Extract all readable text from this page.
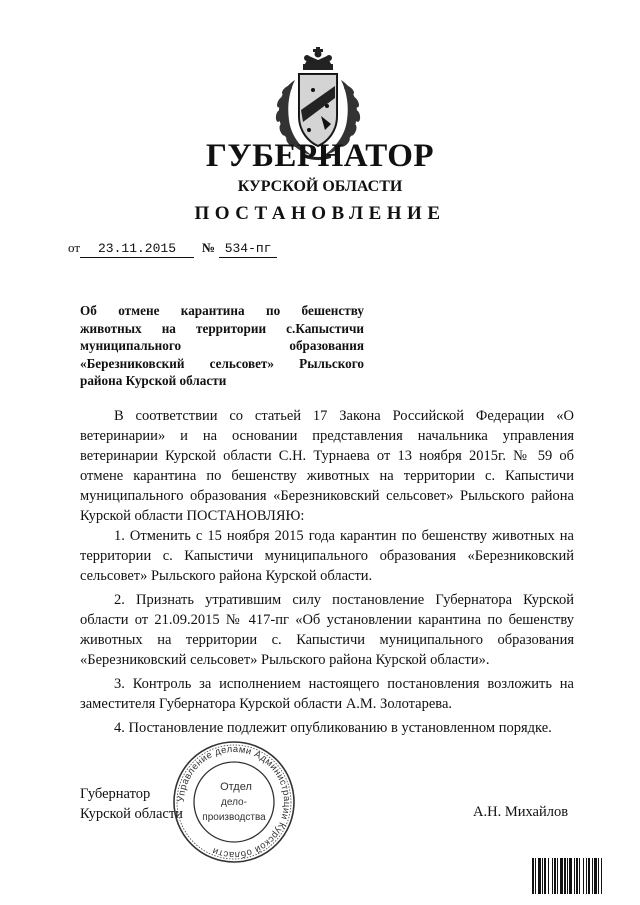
ГУБЕРНАТОР
КУРСКОЙ ОБЛАСТИ
ПОСТАНОВЛЕНИЕ
от 23.11.2015 № 534-пг
Об отмене карантина по бешенству
животных на территории с.Капыстичи
муниципального образования
«Березниковский сельсовет» Рыльского
района Курской области

В соответствии со статьей 17 Закона Российской Федерации «О ветеринарии» и на основании представления начальника управления ветеринарии Курской области С.Н. Турнаева от 13 ноября 2015г. № 59 об отмене карантина по бешенству животных на территории с. Капыстичи муниципального образования «Березниковский сельсовет» Рыльского района Курской области ПОСТАНОВЛЯЮ:

1. Отменить с 15 ноября 2015 года карантин по бешенству животных на территории с. Капыстичи муниципального образования «Березниковский сельсовет» Рыльского района Курской области.

2. Признать утратившим силу постановление Губернатора Курской области от 21.09.2015 № 417-пг «Об установлении карантина по бешенству животных на территории с. Капыстичи муниципального образования «Березниковский сельсовет» Рыльского района Курской области».

3. Контроль за исполнением настоящего постановления возложить на заместителя Губернатора Курской области А.М. Золотарева.

4. Постановление подлежит опубликованию в установленном порядке.

Губернатор
Курской области	А.Н. Михайлов
Управление делами Администрации Курской области
Отдел
дело-
производства
